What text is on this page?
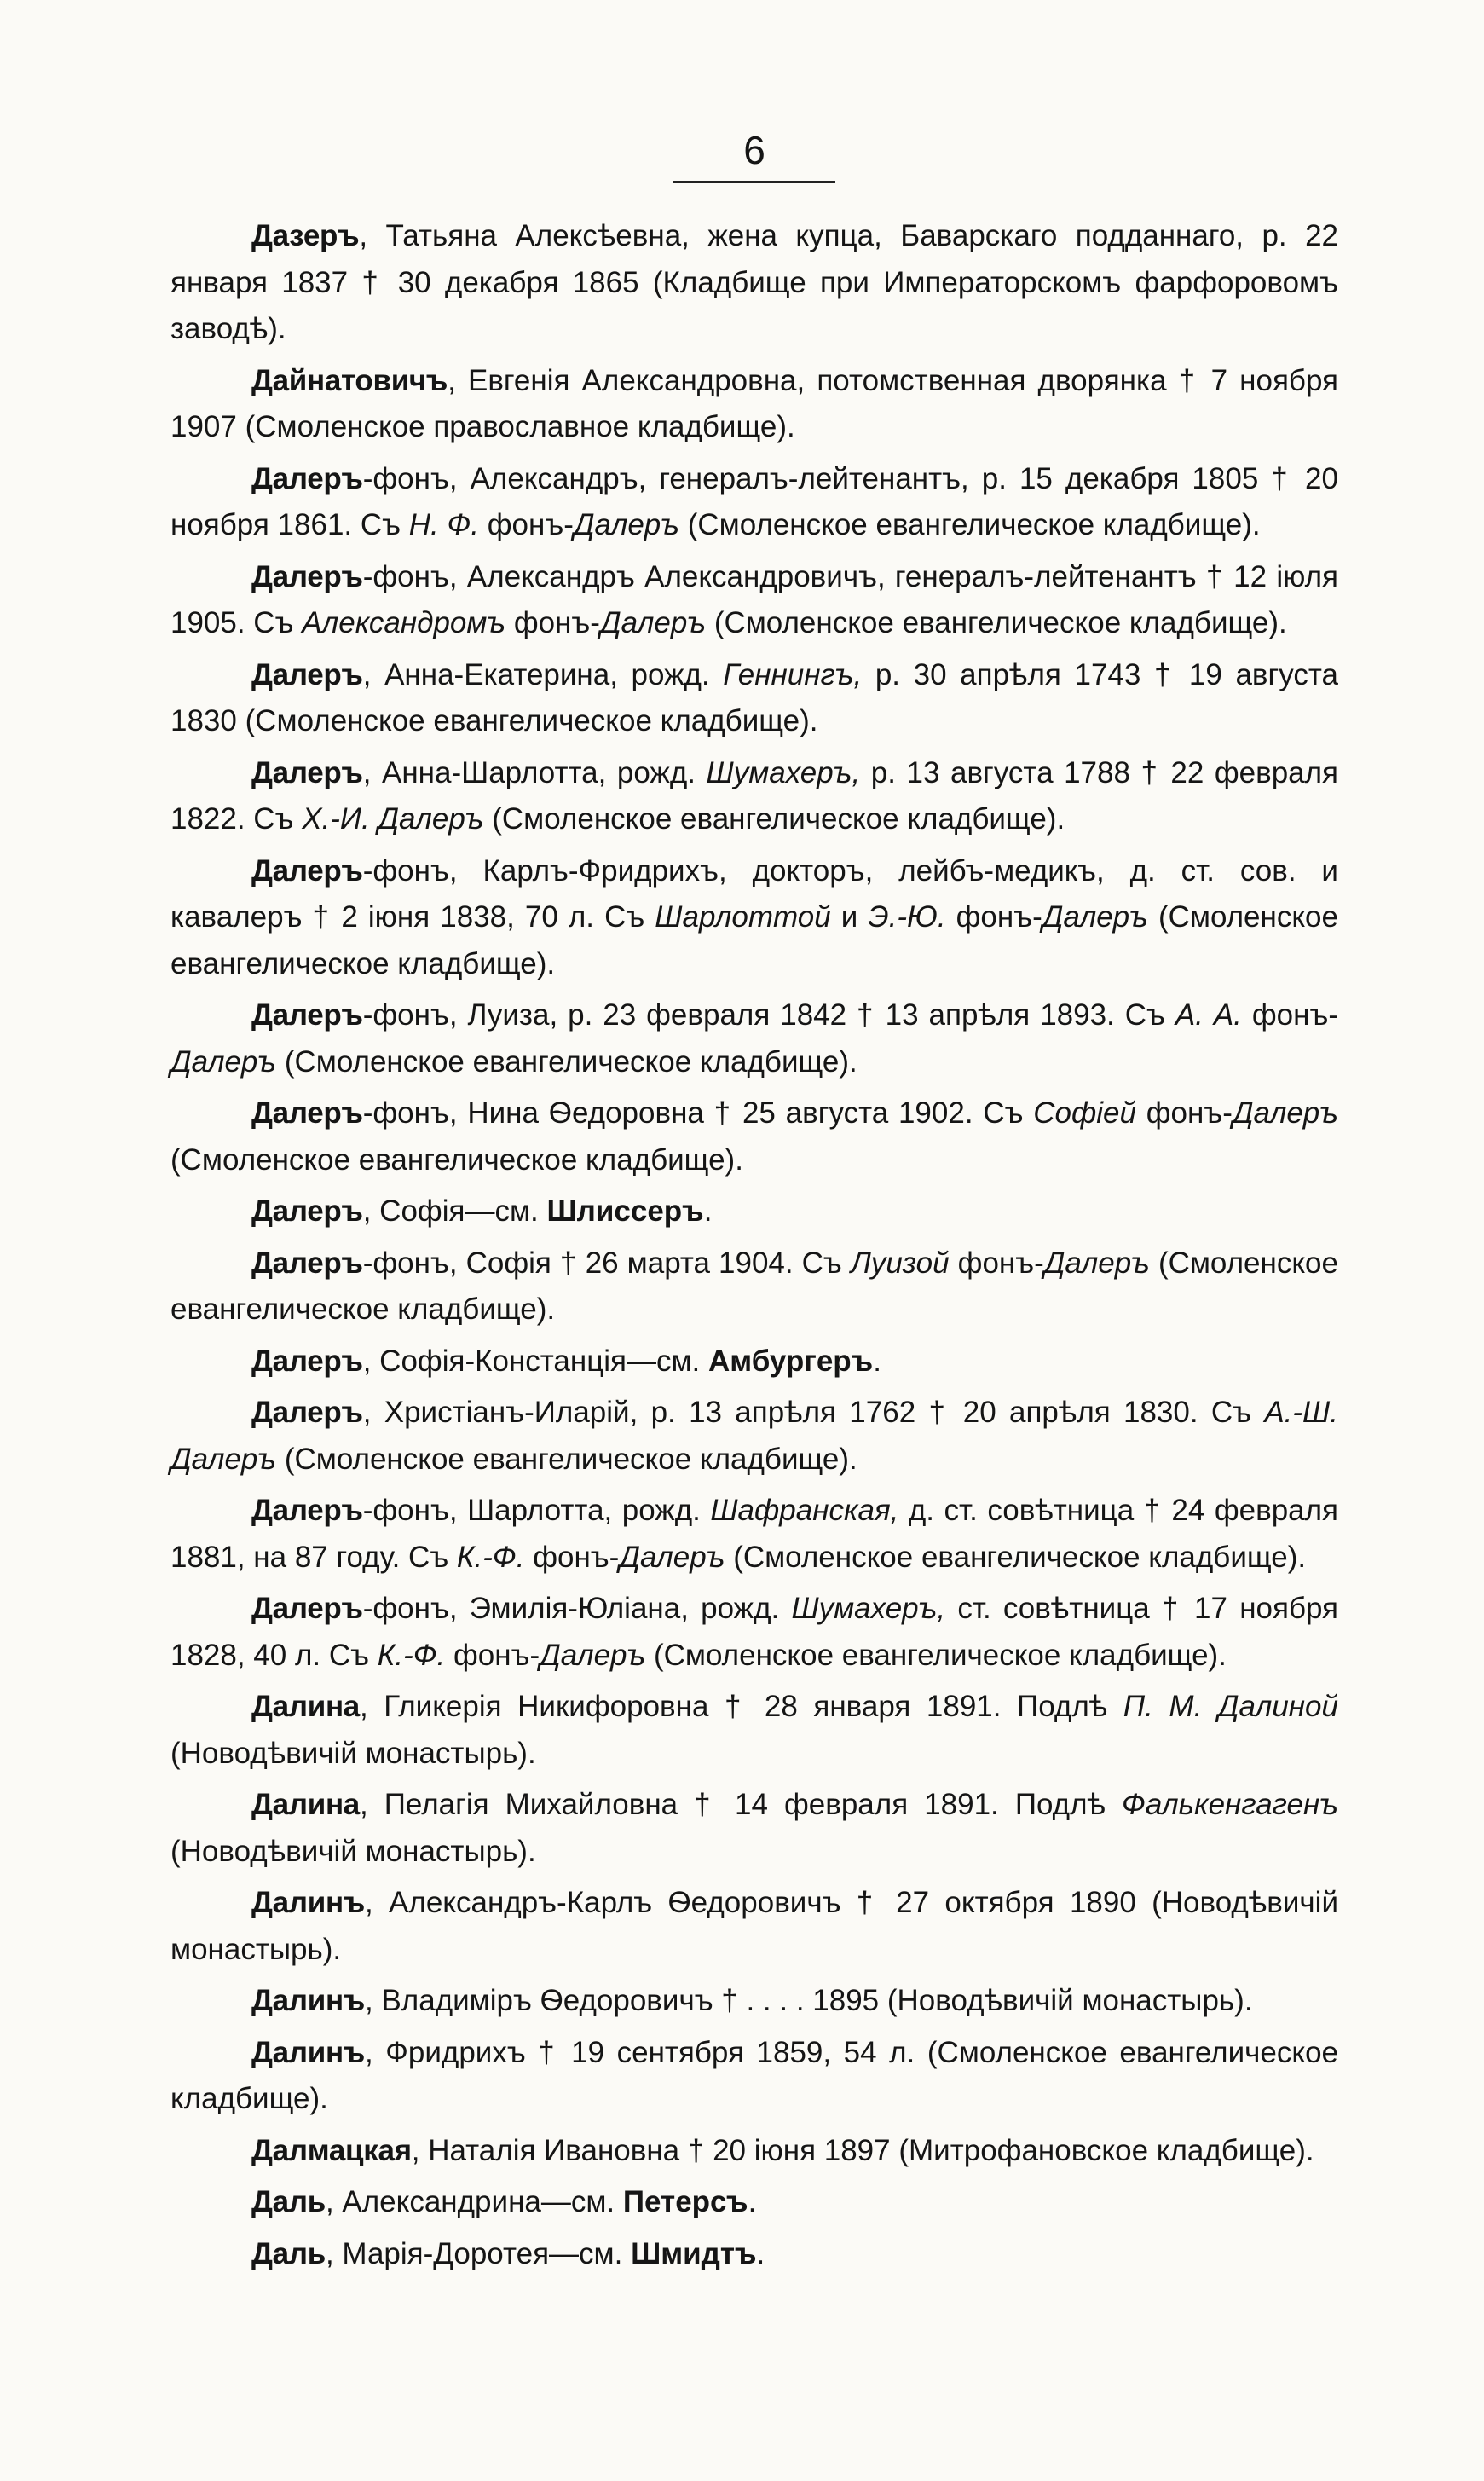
6

Дазеръ, Татьяна Алексѣевна, жена купца, Баварскаго подданнаго, р. 22 января 1837 † 30 декабря 1865 (Кладбище при Императорскомъ фарфоровомъ заводѣ).

Дайнатовичъ, Евгенія Александровна, потомственная дворянка † 7 ноября 1907 (Смоленское православное кладбище).

Далеръ-фонъ, Александръ, генералъ-лейтенантъ, р. 15 декабря 1805 † 20 ноября 1861. Съ Н. Ф. фонъ-Далеръ (Смоленское евангелическое кладбище).

Далеръ-фонъ, Александръ Александровичъ, генералъ-лейтенантъ † 12 іюля 1905. Съ Александромъ фонъ-Далеръ (Смоленское евангелическое кладбище).

Далеръ, Анна-Екатерина, рожд. Геннингъ, р. 30 апрѣля 1743 † 19 августа 1830 (Смоленское евангелическое кладбище).

Далеръ, Анна-Шарлотта, рожд. Шумахеръ, р. 13 августа 1788 † 22 февраля 1822. Съ Х.-И. Далеръ (Смоленское евангелическое кладбище).

Далеръ-фонъ, Карлъ-Фридрихъ, докторъ, лейбъ-медикъ, д. ст. сов. и кавалеръ † 2 іюня 1838, 70 л. Съ Шарлоттой и Э.-Ю. фонъ-Далеръ (Смоленское евангелическое кладбище).

Далеръ-фонъ, Луиза, р. 23 февраля 1842 † 13 апрѣля 1893. Съ А. А. фонъ-Далеръ (Смоленское евангелическое кладбище).

Далеръ-фонъ, Нина Ѳедоровна † 25 августа 1902. Съ Софіей фонъ-Далеръ (Смоленское евангелическое кладбище).

Далеръ, Софія—см. Шлиссеръ.

Далеръ-фонъ, Софія † 26 марта 1904. Съ Луизой фонъ-Далеръ (Смоленское евангелическое кладбище).

Далеръ, Софія-Констанція—см. Амбургеръ.

Далеръ, Христіанъ-Иларій, р. 13 апрѣля 1762 † 20 апрѣля 1830. Съ А.-Ш. Далеръ (Смоленское евангелическое кладбище).

Далеръ-фонъ, Шарлотта, рожд. Шафранская, д. ст. совѣтница † 24 февраля 1881, на 87 году. Съ К.-Ф. фонъ-Далеръ (Смоленское евангелическое кладбище).

Далеръ-фонъ, Эмилія-Юліана, рожд. Шумахеръ, ст. совѣтница † 17 ноября 1828, 40 л. Съ К.-Ф. фонъ-Далеръ (Смоленское евангелическое кладбище).

Далина, Гликерія Никифоровна † 28 января 1891. Подлѣ П. М. Далиной (Новодѣвичій монастырь).

Далина, Пелагія Михайловна † 14 февраля 1891. Подлѣ Фалькенгагенъ (Новодѣвичій монастырь).

Далинъ, Александръ-Карлъ Ѳедоровичъ † 27 октября 1890 (Новодѣвичій монастырь).

Далинъ, Владиміръ Ѳедоровичъ † . . . . 1895 (Новодѣвичій монастырь).

Далинъ, Фридрихъ † 19 сентября 1859, 54 л. (Смоленское евангелическое кладбище).

Далмацкая, Наталія Ивановна † 20 іюня 1897 (Митрофановское кладбище).

Даль, Александрина—см. Петерсъ.

Даль, Марія-Доротея—см. Шмидтъ.
